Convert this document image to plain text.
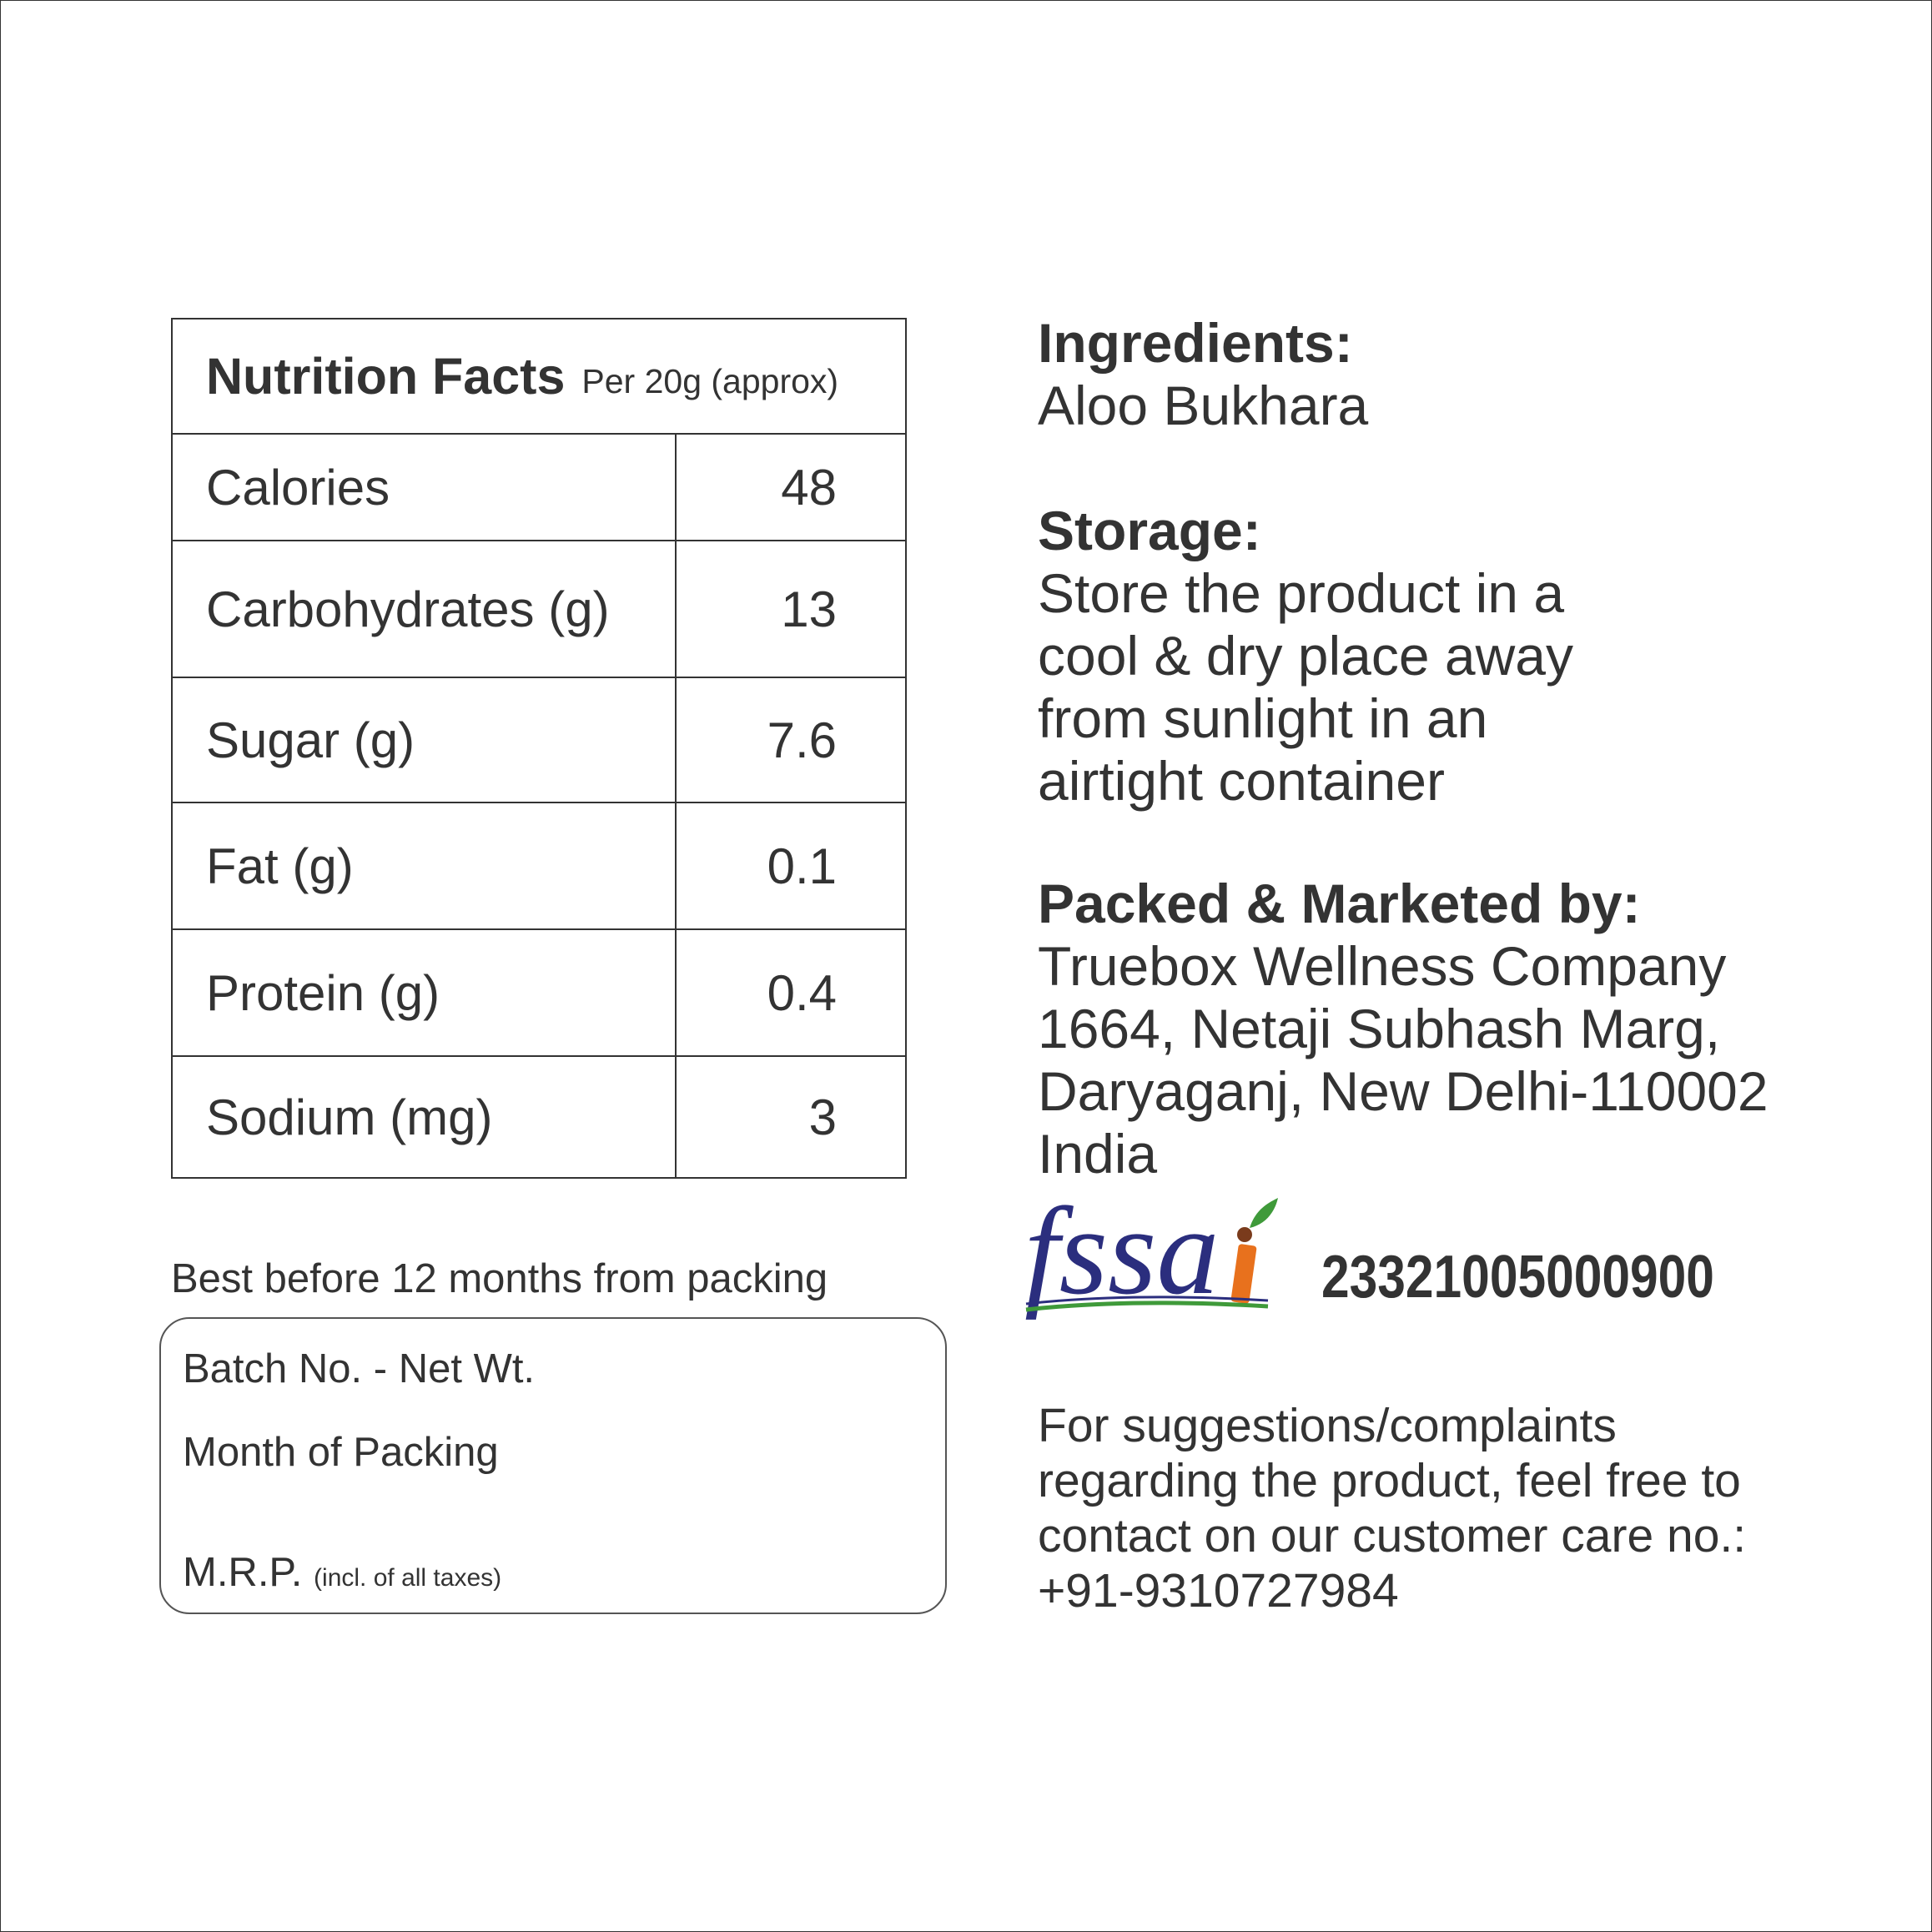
Nutrition Facts Per 20g (approx)
Calories	48
Carbohydrates (g)	13
Sugar (g)	7.6
Fat (g)	0.1
Protein (g)	0.4
Sodium (mg)	3
Best before 12 months from packing
Batch No. - Net Wt.
Month of Packing
M.R.P. (incl. of all taxes)
Ingredients:
Aloo Bukhara
Storage:
Store the product in a
cool & dry place away
from sunlight in an
airtight container
Packed & Marketed by:
Truebox Wellness Company
1664, Netaji Subhash Marg,
Daryaganj, New Delhi-110002
India
fssa 23321005000900
For suggestions/complaints
regarding the product, feel free to
contact on our customer care no.:
+91-9310727984
